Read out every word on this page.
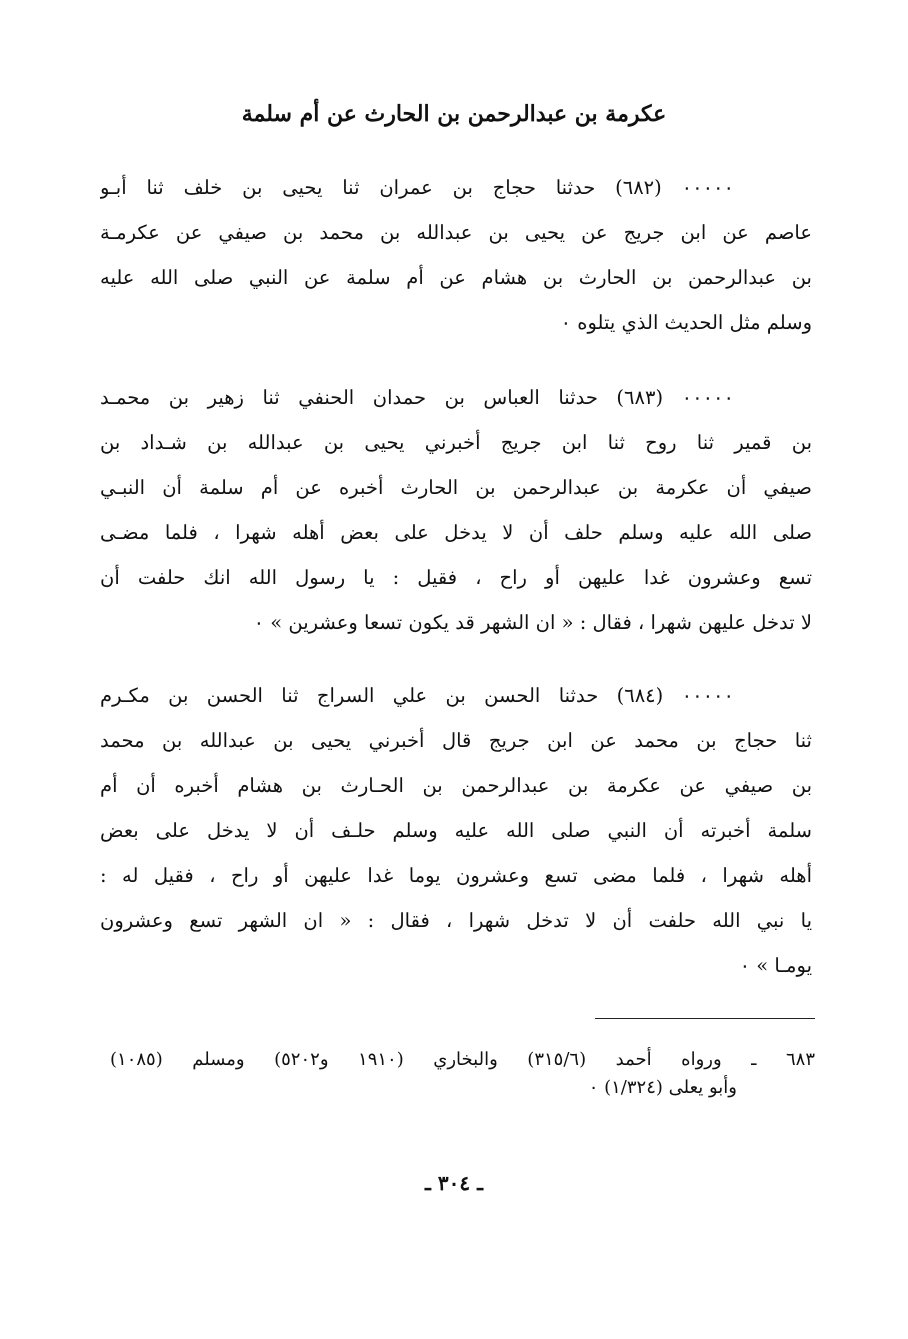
عكرمة بن عبدالرحمن بن الحارث عن أم سلمة
٠٠٠٠٠ (٦٨٢) حدثنا حجاج بن عمران ثنا يحيى بن خلف ثنا أبـو
عاصم عن ابن جريج عن يحيى بن عبدالله بن محمد بن صيفي عن عكرمـة
بن عبدالرحمن بن الحارث بن هشام عن أم سلمة عن النبي صلى الله عليه
وسلم مثل الحديث الذي يتلوه ٠
٠٠٠٠٠ (٦٨٣) حدثنا العباس بن حمدان الحنفي ثنا زهير بن محمـد
بن قمير ثنا روح ثنا ابن جريج أخبرني يحيى بن عبدالله بن شـداد بن
صيفي أن عكرمة بن عبدالرحمن بن الحارث أخبره عن أم سلمة أن النبـي
صلى الله عليه وسلم حلف أن لا يدخل على بعض أهله شهرا ، فلما مضـى
تسع وعشرون غدا عليهن أو راح ، فقيل : يا رسول الله انك حلفت أن
لا تدخل عليهن شهرا ، فقال : « ان الشهر قد يكون تسعا وعشرين » ٠
٠٠٠٠٠ (٦٨٤) حدثنا الحسن بن علي السراج ثنا الحسن بن مكـرم
ثنا حجاج بن محمد عن ابن جريج قال أخبرني يحيى بن عبدالله بن محمد
بن صيفي عن عكرمة بن عبدالرحمن بن الحـارث بن هشام أخبره أن أم
سلمة أخبرته أن النبي صلى الله عليه وسلم حلـف أن لا يدخل على بعض
أهله شهرا ، فلما مضى تسع وعشرون يوما غدا عليهن أو راح ، فقيل له :
يا نبي الله حلفت أن لا تدخل شهرا ، فقال : « ان الشهر تسع وعشرون
يومـا » ٠
٦٨٣ ـ ورواه أحمد (٣١٥/٦) والبخاري (١٩١٠ و٥٢٠٢) ومسلم (١٠٨٥)
وأبو يعلى (١/٣٢٤) ٠
ـ ٣٠٤ ـ
